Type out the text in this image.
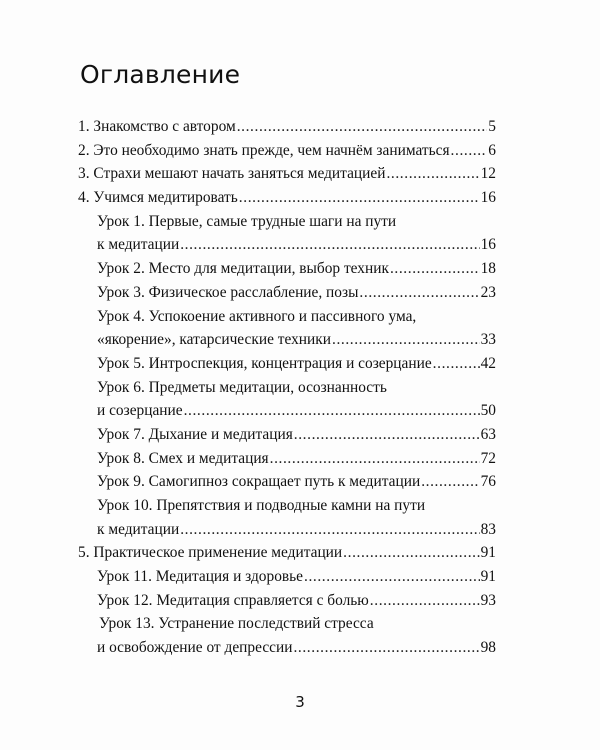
Оглавление
1. Знакомство с автором .....	5
2. Это необходимо знать прежде, чем начнём заниматься .....	6
3. Страхи мешают начать заняться медитацией .....	12
4. Учимся медитировать .....	16
Урок 1. Первые, самые трудные шаги на пути
к медитации .....	16
Урок 2. Место для медитации, выбор техник .....	18
Урок 3. Физическое расслабление, позы .....	23
Урок 4. Успокоение активного и пассивного ума,
«якорение», катарсические техники .....	33
Урок 5. Интроспекция, концентрация и созерцание .....	42
Урок 6. Предметы медитации, осознанность
и созерцание .....	50
Урок 7. Дыхание и медитация .....	63
Урок 8. Смех и медитация .....	72
Урок 9. Самогипноз сокращает путь к медитации .....	76
Урок 10. Препятствия и подводные камни на пути
к медитации .....	83
5. Практическое применение медитации .....	91
Урок 11. Медитация и здоровье .....	91
Урок 12. Медитация справляется с болью .....	93
Урок 13. Устранение последствий стресса
и освобождение от депрессии .....	98
3
